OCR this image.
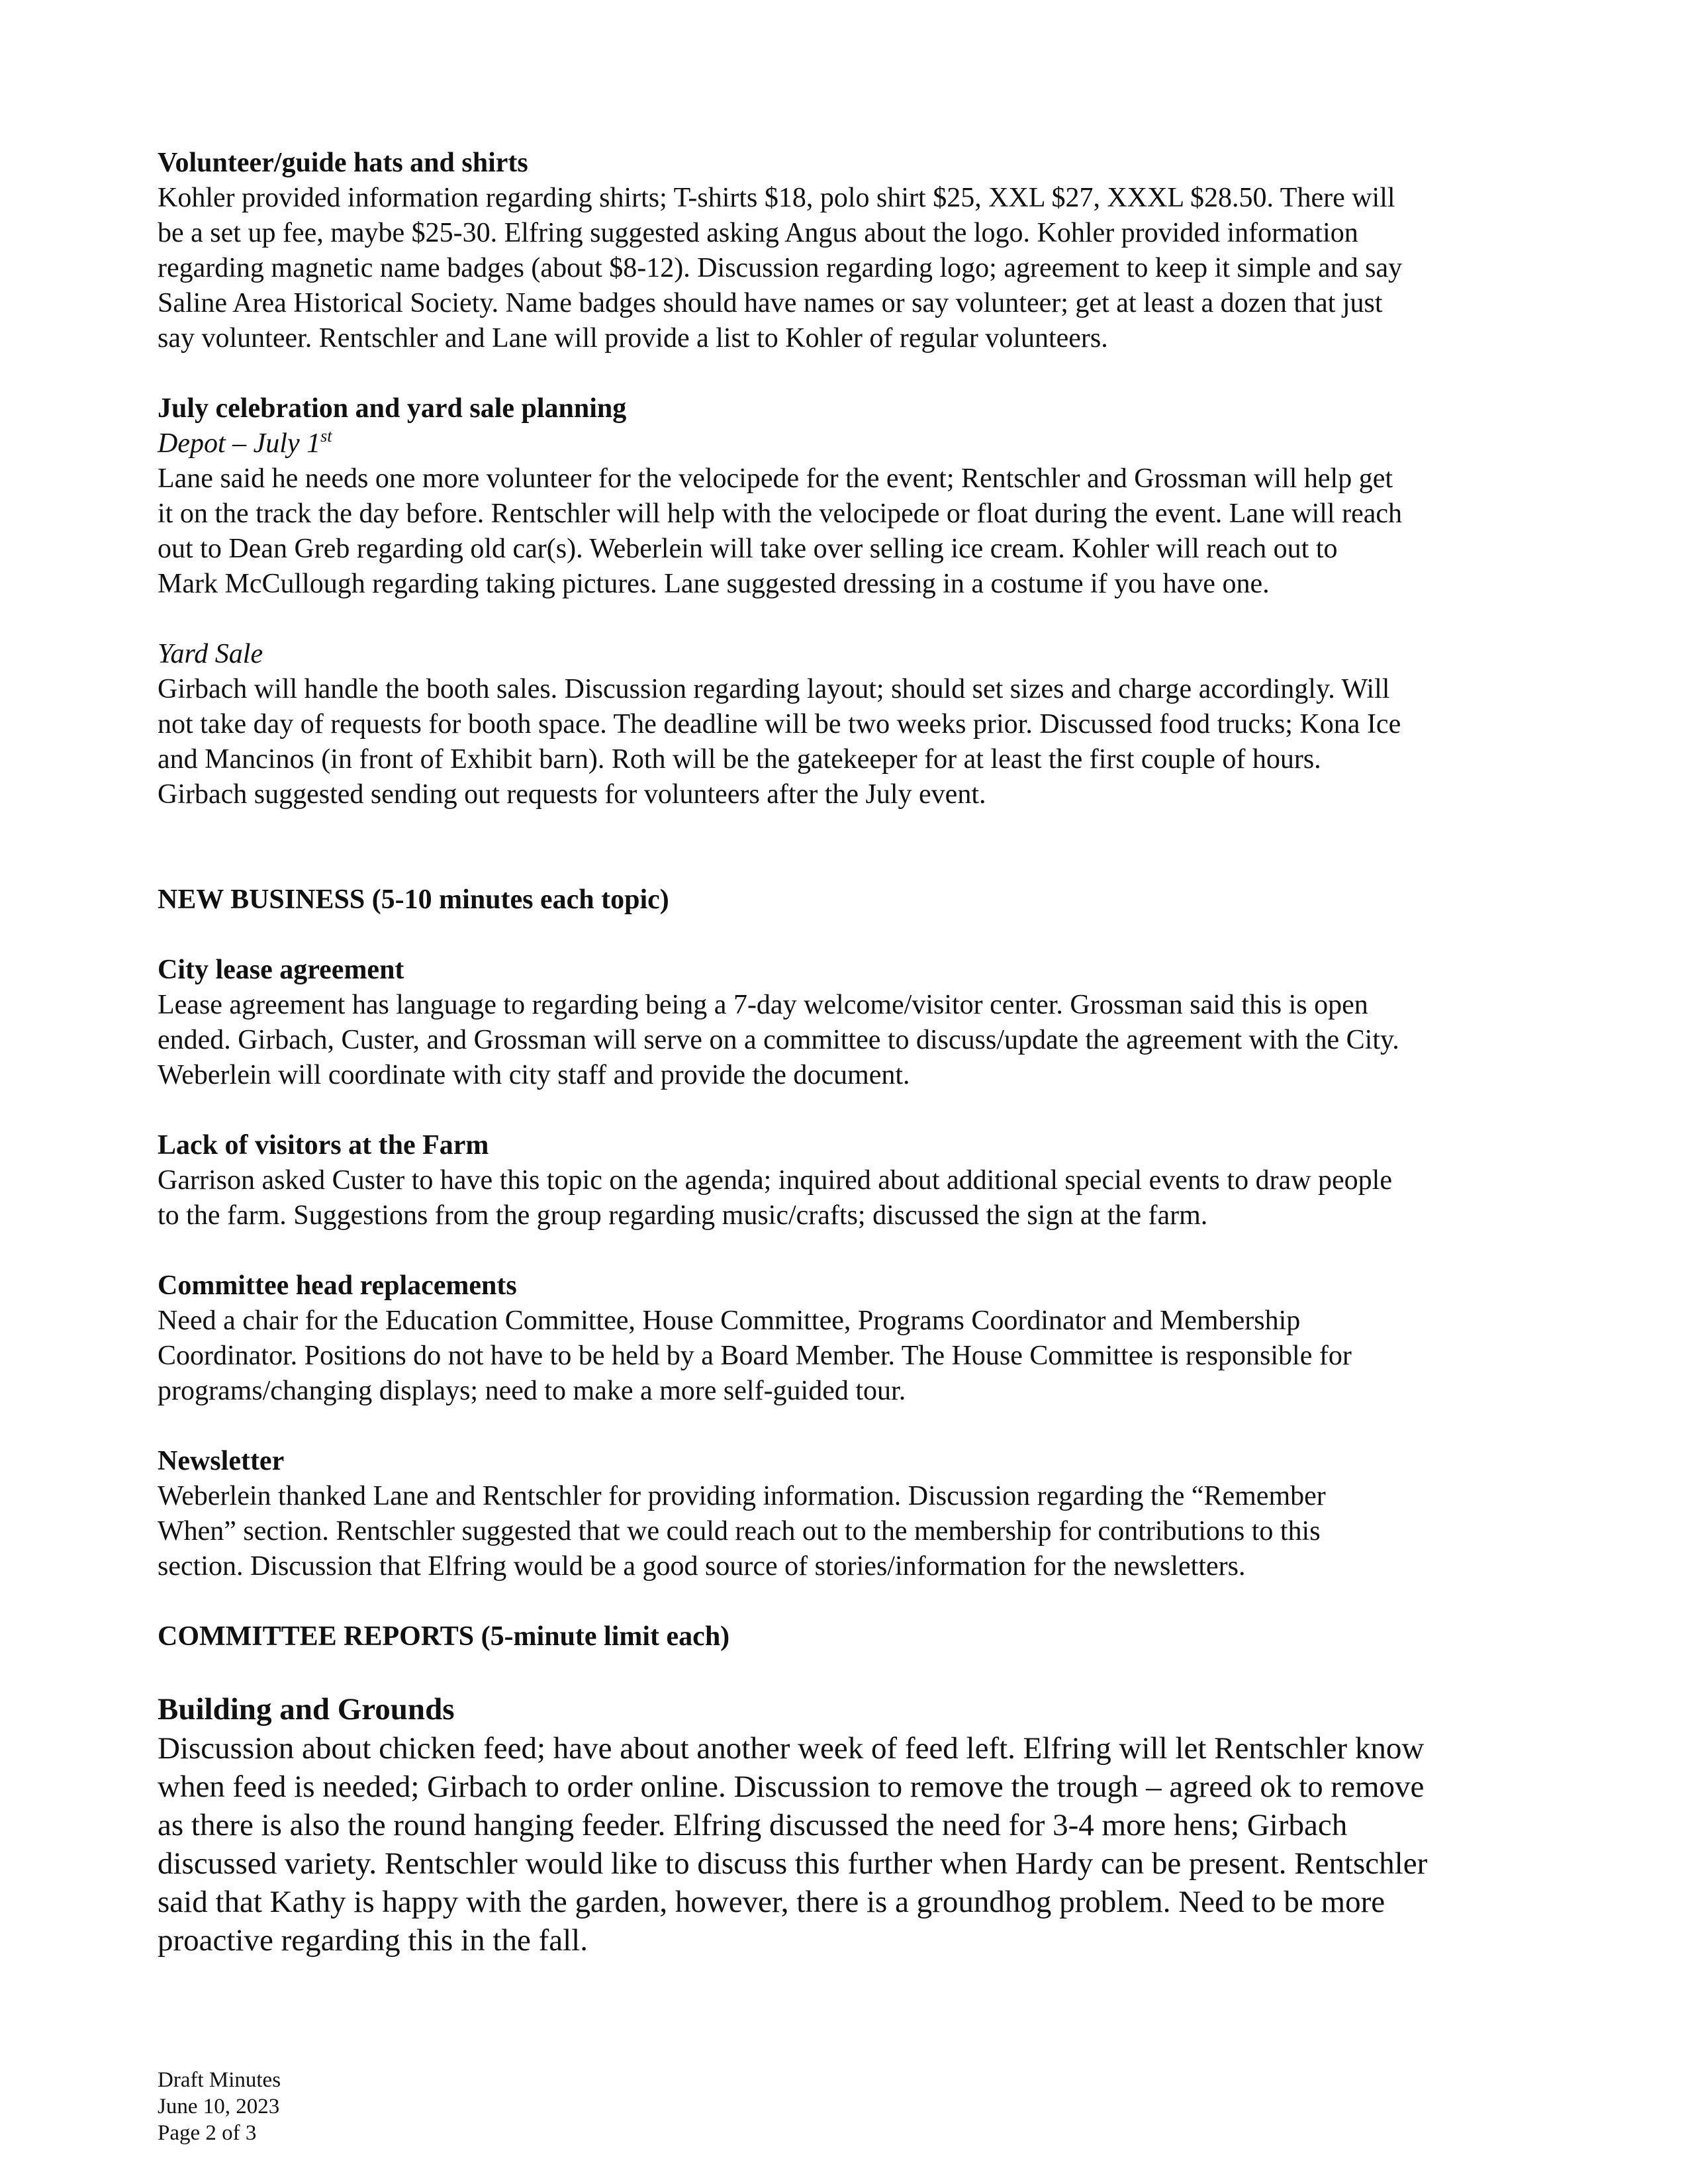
Volunteer/guide hats and shirts
Kohler provided information regarding shirts; T-shirts $18, polo shirt $25, XXL $27, XXXL $28.50. There will
be a set up fee, maybe $25-30. Elfring suggested asking Angus about the logo. Kohler provided information
regarding magnetic name badges (about $8-12). Discussion regarding logo; agreement to keep it simple and say
Saline Area Historical Society. Name badges should have names or say volunteer; get at least a dozen that just
say volunteer. Rentschler and Lane will provide a list to Kohler of regular volunteers.
July celebration and yard sale planning
Depot – July 1st
Lane said he needs one more volunteer for the velocipede for the event; Rentschler and Grossman will help get
it on the track the day before. Rentschler will help with the velocipede or float during the event. Lane will reach
out to Dean Greb regarding old car(s). Weberlein will take over selling ice cream. Kohler will reach out to
Mark McCullough regarding taking pictures. Lane suggested dressing in a costume if you have one.
Yard Sale
Girbach will handle the booth sales. Discussion regarding layout; should set sizes and charge accordingly. Will
not take day of requests for booth space. The deadline will be two weeks prior. Discussed food trucks; Kona Ice
and Mancinos (in front of Exhibit barn). Roth will be the gatekeeper for at least the first couple of hours.
Girbach suggested sending out requests for volunteers after the July event.
NEW BUSINESS (5-10 minutes each topic)
City lease agreement
Lease agreement has language to regarding being a 7-day welcome/visitor center. Grossman said this is open
ended. Girbach, Custer, and Grossman will serve on a committee to discuss/update the agreement with the City.
Weberlein will coordinate with city staff and provide the document.
Lack of visitors at the Farm
Garrison asked Custer to have this topic on the agenda; inquired about additional special events to draw people
to the farm. Suggestions from the group regarding music/crafts; discussed the sign at the farm.
Committee head replacements
Need a chair for the Education Committee, House Committee, Programs Coordinator and Membership
Coordinator. Positions do not have to be held by a Board Member. The House Committee is responsible for
programs/changing displays; need to make a more self-guided tour.
Newsletter
Weberlein thanked Lane and Rentschler for providing information. Discussion regarding the “Remember
When” section. Rentschler suggested that we could reach out to the membership for contributions to this
section. Discussion that Elfring would be a good source of stories/information for the newsletters.
COMMITTEE REPORTS (5-minute limit each)
Building and Grounds
Discussion about chicken feed; have about another week of feed left. Elfring will let Rentschler know
when feed is needed; Girbach to order online. Discussion to remove the trough – agreed ok to remove
as there is also the round hanging feeder. Elfring discussed the need for 3-4 more hens; Girbach
discussed variety. Rentschler would like to discuss this further when Hardy can be present. Rentschler
said that Kathy is happy with the garden, however, there is a groundhog problem. Need to be more
proactive regarding this in the fall.
Draft Minutes
June 10, 2023
Page 2 of 3
